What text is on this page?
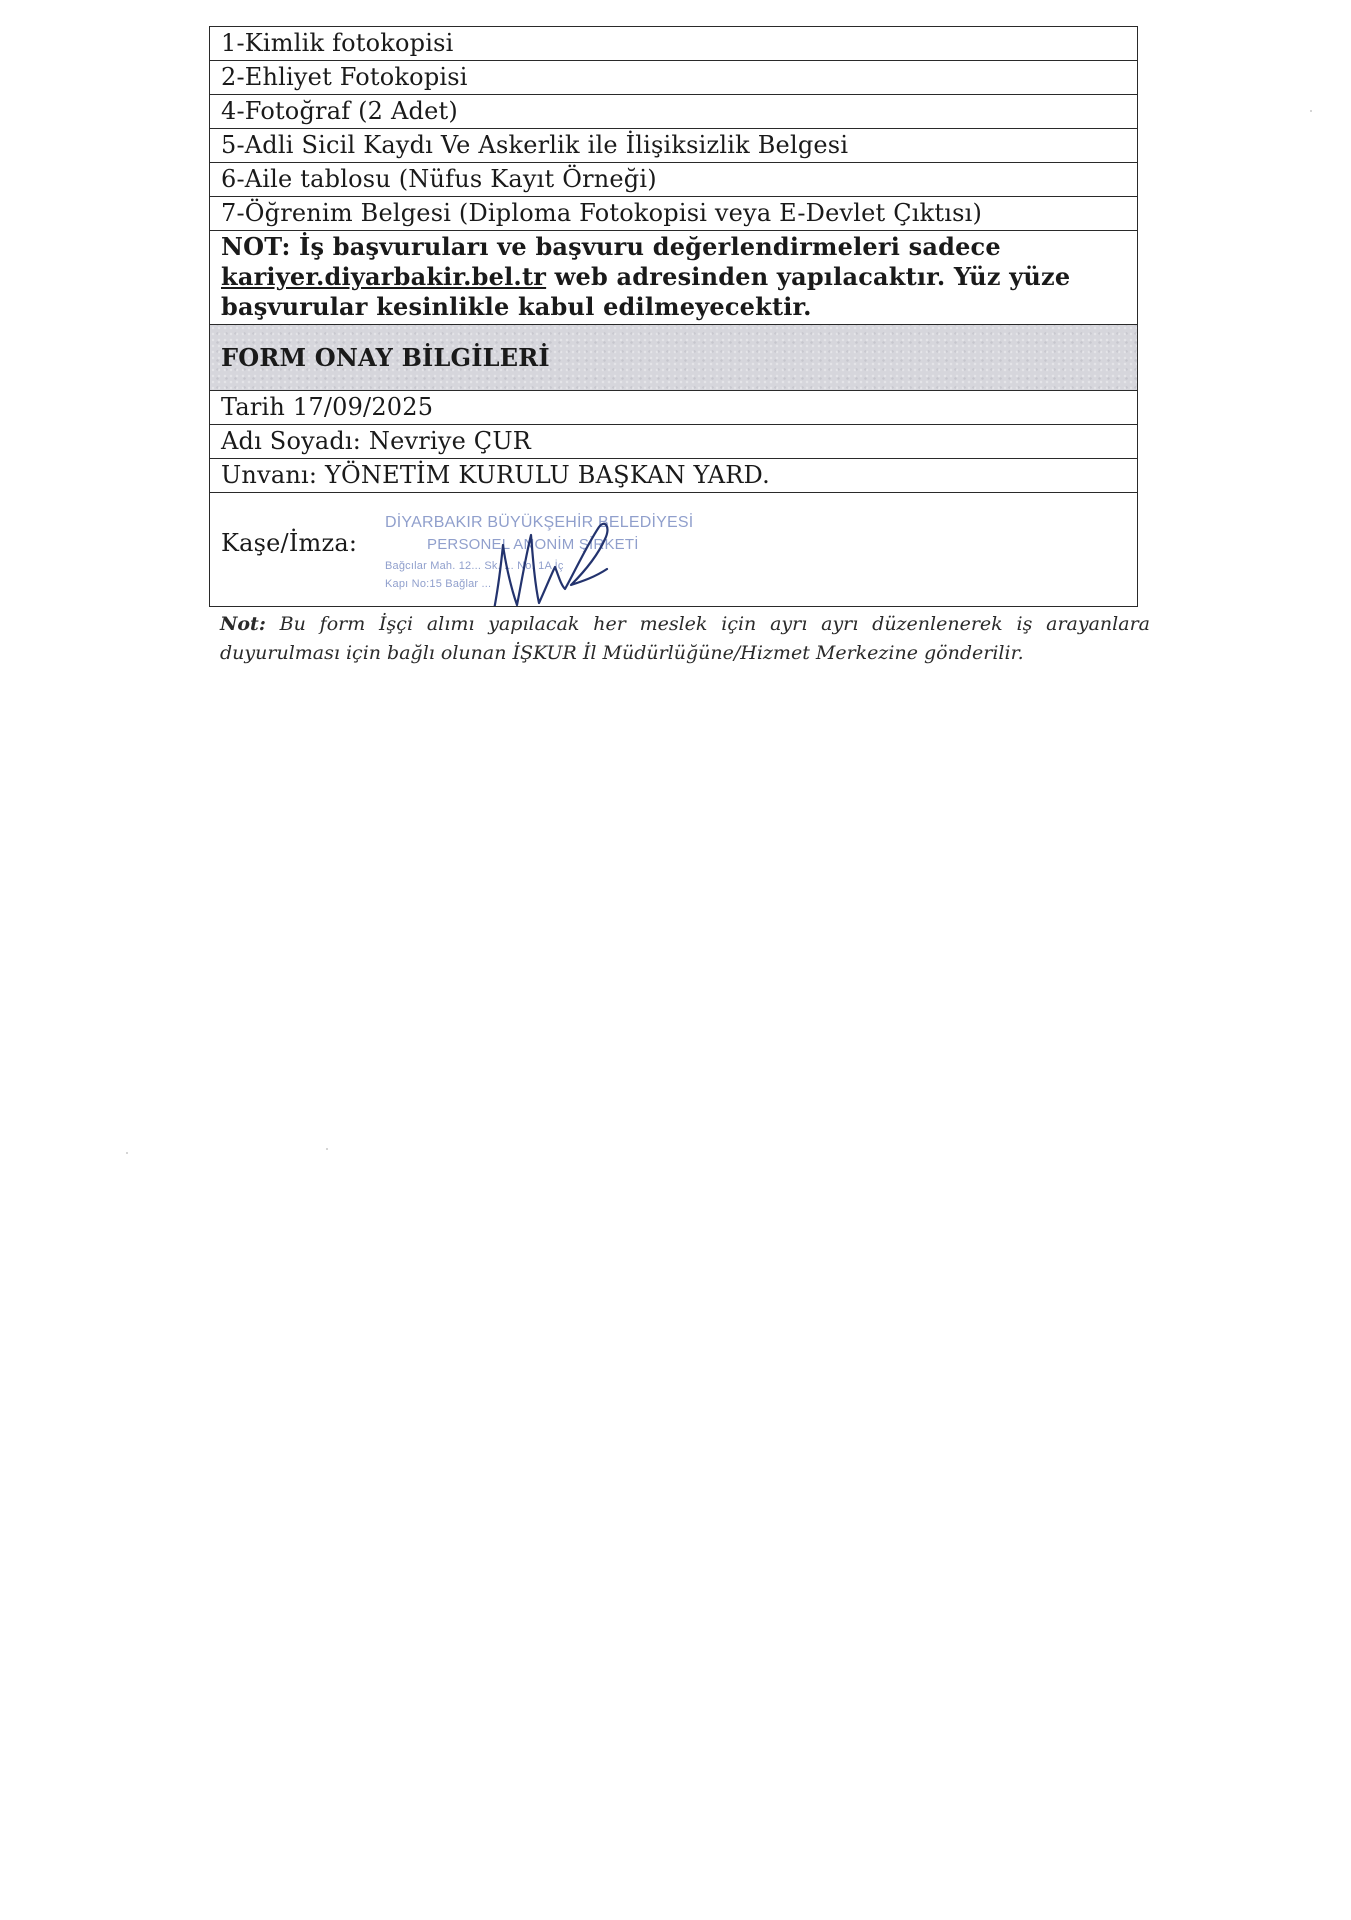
1-Kimlik fotokopisi
2-Ehliyet Fotokopisi
4-Fotoğraf (2 Adet)
5-Adli Sicil Kaydı Ve Askerlik ile İlişiksizlik Belgesi
6-Aile tablosu (Nüfus Kayıt Örneği)
7-Öğrenim Belgesi (Diploma Fotokopisi veya E-Devlet Çıktısı)
NOT: İş başvuruları ve başvuru değerlendirmeleri sadece
kariyer.diyarbakir.bel.tr web adresinden yapılacaktır. Yüz yüze başvurular kesinlikle kabul edilmeyecektir.
FORM ONAY BİLGİLERİ
Tarih 17/09/2025
Adı Soyadı: Nevriye ÇUR
Unvanı: YÖNETİM KURULU BAŞKAN YARD.
Kaşe/İmza:
DİYARBAKIR BÜYÜKŞEHİR BELEDİYESİ
PERSONEL ANONİM ŞİRKETİ
Bağcılar Mah. 12... Sk. ... No: 1A İç
Kapı No:15 Bağlar ...
Not: Bu form İşçi alımı yapılacak her meslek için ayrı ayrı düzenlenerek iş arayanlara duyurulması için bağlı olunan İŞKUR İl Müdürlüğüne/Hizmet Merkezine gönderilir.
